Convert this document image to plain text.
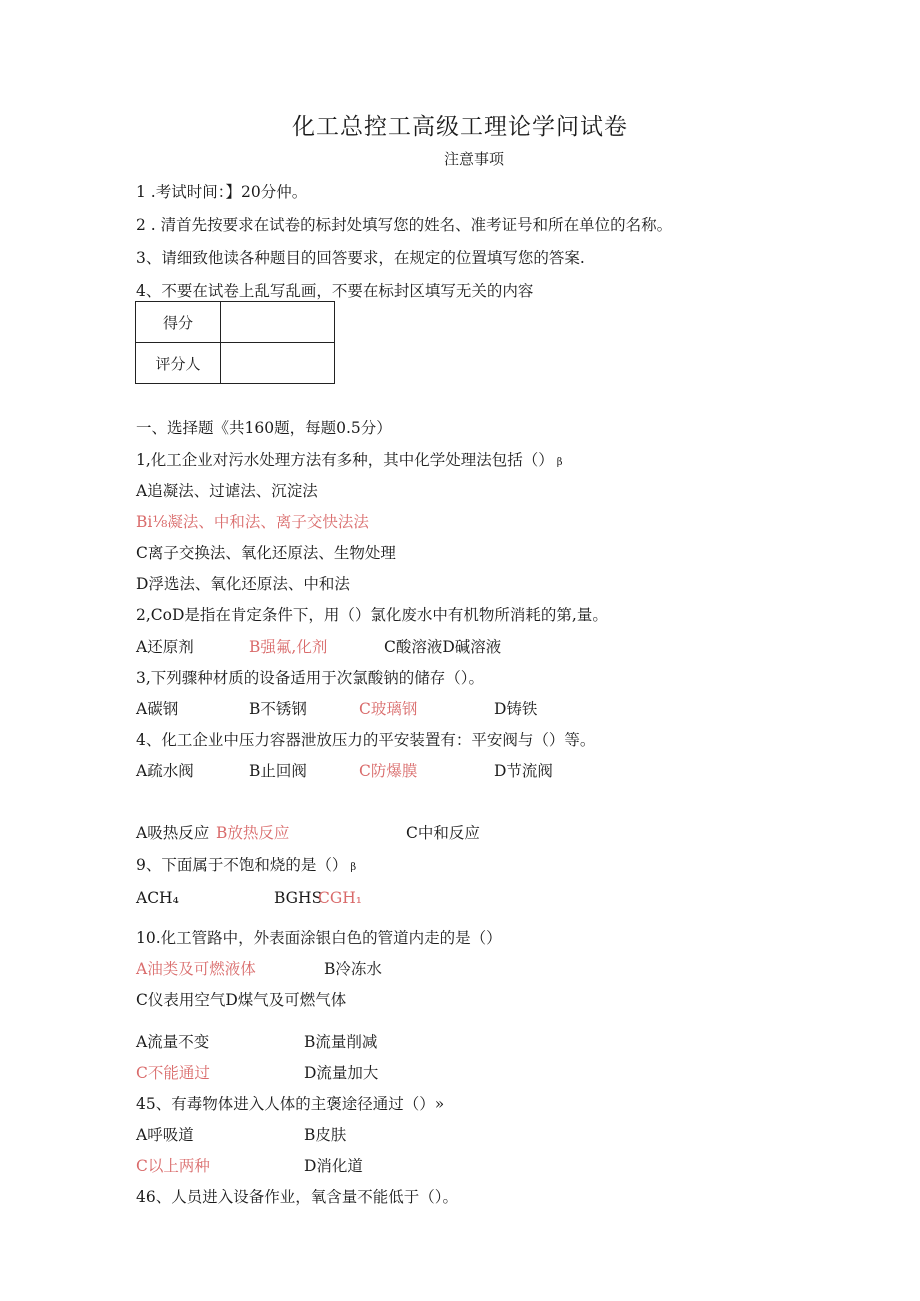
化工总控工高级工理论学问试卷
注意事项
1 .考试时间：】20分仲。
2 . 清首先按要求在试卷的标封处填写您的姓名、准考证号和所在单位的名称。
3、请细致他读各种题目的回答要求，在规定的位置填写您的答案.
4、不要在试卷上乱写乱画，不要在标封区填写无关的内容
得分	
评分人	
一、选择题《共160题，每题0.5分）
1,化工企业对污水处理方法有多种，其中化学处理法包括（） β
A追凝法、过谑法、沉淀法
Bi⅛凝法、中和法、离子交快法法
C离子交换法、氧化还原法、生物处理
D浮选法、氧化还原法、中和法
2,CoD是指在肯定条件下，用（）氯化废水中有机物所消耗的第,量。
A还原剂	B强氟,化剂	C酸溶液D碱溶液
3,下列骤种材质的设备适用于次氯酸钠的储存（）。
A碳钢	B不锈钢	C玻璃钢	D铸铁
4、化工企业中压力容器泄放压力的平安装置有：平安阀与（）等。
A疏水阀	B止回阀	C防爆膜	D节流阀
A吸热反应 B放热反应	C中和反应
9、下面属于不饱和烧的是（） β
ACH₄	BGHS
CGH₁
10.化工管路中，外表面涂银白色的管道内走的是（）
A油类及可燃液体	B冷冻水
C仪表用空气D煤气及可燃气体
A流量不变	B流量削减
C不能通过	D流量加大
45、有毒物体进入人体的主褒途径通过（）»
A呼吸道	B皮肤
C以上两种	D消化道
46、人员进入设备作业，氧含量不能低于（）。
